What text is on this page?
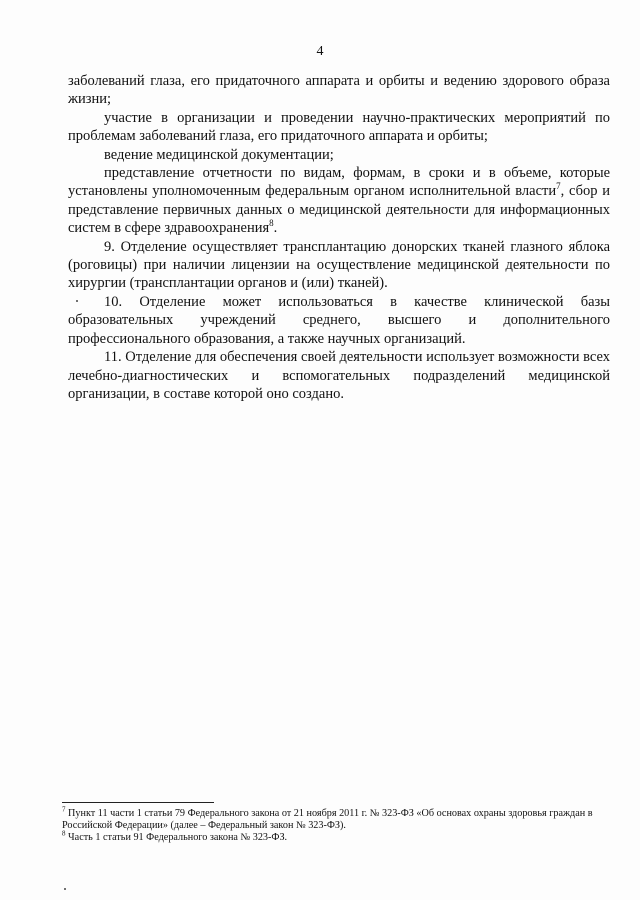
4

заболеваний глаза, его придаточного аппарата и орбиты и ведению здорового образа жизни;

участие в организации и проведении научно-практических мероприятий по проблемам заболеваний глаза, его придаточного аппарата и орбиты;

ведение медицинской документации;

представление отчетности по видам, формам, в сроки и в объеме, которые установлены уполномоченным федеральным органом исполнительной власти$^7$, сбор и представление первичных данных о медицинской деятельности для информационных систем в сфере здравоохранения$^8$.

9. Отделение осуществляет трансплантацию донорских тканей глазного яблока (роговицы) при наличии лицензии на осуществление медицинской деятельности по хирургии (трансплантации органов и (или) тканей).

10. Отделение может использоваться в качестве клинической базы образовательных учреждений среднего, высшего и дополнительного профессионального образования, а также научных организаций.

11. Отделение для обеспечения своей деятельности использует возможности всех лечебно-диагностических и вспомогательных подразделений медицинской организации, в составе которой оно создано.

$^7$ Пункт 11 части 1 статьи 79 Федерального закона от 21 ноября 2011 г. № 323-ФЗ «Об основах охраны здоровья граждан в Российской Федерации» (далее – Федеральный закон № 323-ФЗ).

$^8$ Часть 1 статьи 91 Федерального закона № 323-ФЗ.
